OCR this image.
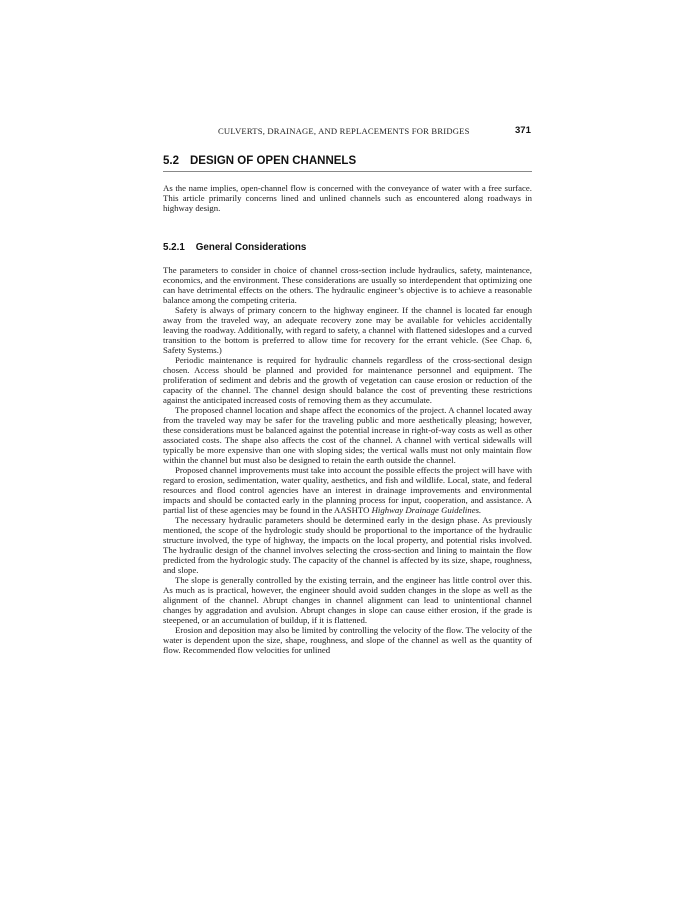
CULVERTS, DRAINAGE, AND REPLACEMENTS FOR BRIDGES	371
5.2 DESIGN OF OPEN CHANNELS

As the name implies, open-channel flow is concerned with the conveyance of water with a free surface. This article primarily concerns lined and unlined channels such as encountered along roadways in highway design.

5.2.1 General Considerations

The parameters to consider in choice of channel cross-section include hydraulics, safety, maintenance, economics, and the environment. These considerations are usually so interdependent that optimizing one can have detrimental effects on the others. The hydraulic engineer’s objective is to achieve a reasonable balance among the competing criteria.

Safety is always of primary concern to the highway engineer. If the channel is located far enough away from the traveled way, an adequate recovery zone may be available for vehicles accidentally leaving the roadway. Additionally, with regard to safety, a channel with flattened sideslopes and a curved transition to the bottom is preferred to allow time for recovery for the errant vehicle. (See Chap. 6, Safety Systems.)

Periodic maintenance is required for hydraulic channels regardless of the cross-sectional design chosen. Access should be planned and provided for maintenance personnel and equipment. The proliferation of sediment and debris and the growth of vegetation can cause erosion or reduction of the capacity of the channel. The channel design should balance the cost of preventing these restrictions against the anticipated increased costs of removing them as they accumulate.

The proposed channel location and shape affect the economics of the project. A channel located away from the traveled way may be safer for the traveling public and more aesthetically pleasing; however, these considerations must be balanced against the potential increase in right-of-way costs as well as other associated costs. The shape also affects the cost of the channel. A channel with vertical sidewalls will typically be more expensive than one with sloping sides; the vertical walls must not only maintain flow within the channel but must also be designed to retain the earth outside the channel.

Proposed channel improvements must take into account the possible effects the project will have with regard to erosion, sedimentation, water quality, aesthetics, and fish and wildlife. Local, state, and federal resources and flood control agencies have an interest in drainage improvements and environmental impacts and should be contacted early in the planning process for input, cooperation, and assistance. A partial list of these agencies may be found in the AASHTO Highway Drainage Guidelines.

The necessary hydraulic parameters should be determined early in the design phase. As previously mentioned, the scope of the hydrologic study should be proportional to the importance of the hydraulic structure involved, the type of highway, the impacts on the local property, and potential risks involved. The hydraulic design of the channel involves selecting the cross-section and lining to maintain the flow predicted from the hydrologic study. The capacity of the channel is affected by its size, shape, roughness, and slope.

The slope is generally controlled by the existing terrain, and the engineer has little control over this. As much as is practical, however, the engineer should avoid sudden changes in the slope as well as the alignment of the channel. Abrupt changes in channel alignment can lead to unintentional channel changes by aggradation and avulsion. Abrupt changes in slope can cause either erosion, if the grade is steepened, or an accumulation of buildup, if it is flattened.

Erosion and deposition may also be limited by controlling the velocity of the flow. The velocity of the water is dependent upon the size, shape, roughness, and slope of the channel as well as the quantity of flow. Recommended flow velocities for unlined
